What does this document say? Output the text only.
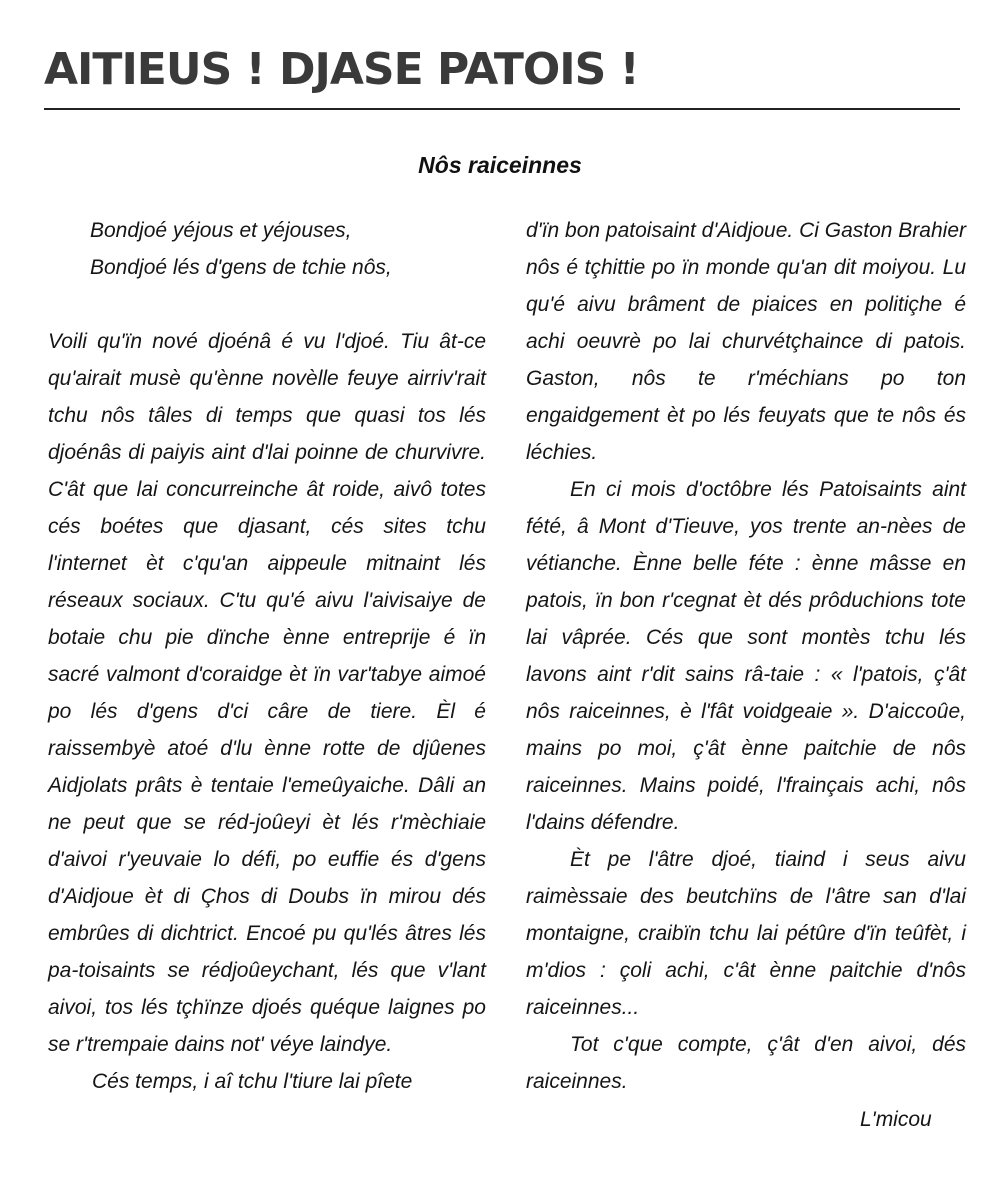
AITIEUS ! DJASE PATOIS !
Nôs raiceinnes
Bondjoé yéjous et yéjouses,
Bondjoé lés d'gens de tchie nôs,

Voili qu'ïn nové djoénâ é vu l'djoé. Tiu ât-ce qu'airait musè qu'ènne novèlle feuye airriv'rait tchu nôs tâles di temps que quasi tos lés djoénâs di paiyis aint d'lai poinne de churvivre. C'ât que lai concurreinche ât roide, aivô totes cés boétes que djasant, cés sites tchu l'internet èt c'qu'an aippeule mitnaint lés réseaux sociaux. C'tu qu'é aivu l'aivisaiye de botaie chu pie dïnche ènne entreprije é ïn sacré valmont d'coraidge èt ïn var'tabye aimoé po lés d'gens d'ci câre de tiere. Èl é raissembyè atoé d'lu ènne rotte de djûenes Aidjolats prâts è tentaie l'emeûyaiche. Dâli an ne peut que se réd-joûeyi èt lés r'mèchiaie d'aivoi r'yeuvaie lo défi, po euffie és d'gens d'Aidjoue èt di Çhos di Doubs ïn mirou dés embrûes di dichtrict. Encoé pu qu'lés âtres lés pa-toisaints se rédjoûeychant, lés que v'lant aivoi, tos lés tçhïnze djoés quéque laignes po se r'trempaie dains not' véye laindye.

Cés temps, i aî tchu l'tiure lai pîete

d'ïn bon patoisaint d'Aidjoue. Ci Gaston Brahier nôs é tçhittie po ïn monde qu'an dit moiyou. Lu qu'é aivu brâment de piaices en politiçhe é achi oeuvrè po lai churvétçhaince di patois. Gaston, nôs te r'méchians po ton engaidgement èt po lés feuyats que te nôs és léchies.

En ci mois d'octôbre lés Patoisaints aint fété, â Mont d'Tieuve, yos trente an-nèes de vétianche. Ènne belle féte : ènne mâsse en patois, ïn bon r'cegnat èt dés prôduchions tote lai vâprée. Cés que sont montès tchu lés lavons aint r'dit sains râ-taie : « l'patois, ç'ât nôs raiceinnes, è l'fât voidgeaie ». D'aiccoûe, mains po moi, ç'ât ènne paitchie de nôs raiceinnes. Mains poidé, l'frainçais achi, nôs l'dains défendre.

Èt pe l'âtre djoé, tiaind i seus aivu raimèssaie des beutchïns de l'âtre san d'lai montaigne, craibïn tchu lai pétûre d'ïn teûfèt, i m'dios : çoli achi, c'ât ènne paitchie d'nôs raiceinnes...

Tot c'que compte, ç'ât d'en aivoi, dés raiceinnes.

L'micou
